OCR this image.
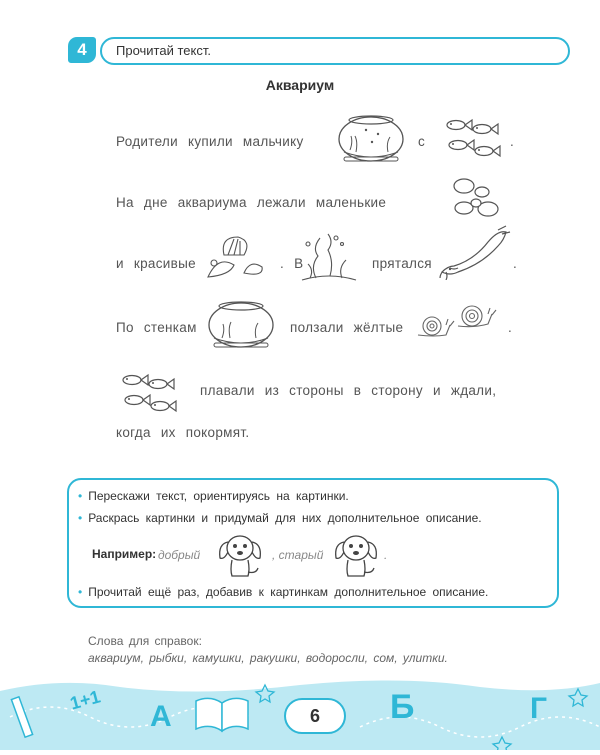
4	Прочитай текст.
Аквариум
Родители купили мальчику	с	.
На дне аквариума лежали маленькие
и красивые	. В	прятался	.
По стенкам	ползали жёлтые	.
плавали из стороны в сторону и ждали,
когда их покормят.
• Перескажи текст, ориентируясь на картинки.
• Раскрась картинки и придумай для них дополнительное описание.
Например: добрый	, старый	.
• Прочитай ещё раз, добавив к картинкам дополнительное описание.
Слова для справок:
аквариум, рыбки, камушки, ракушки, водоросли, сом, улитки.
1+1 А	Б	Г
6
